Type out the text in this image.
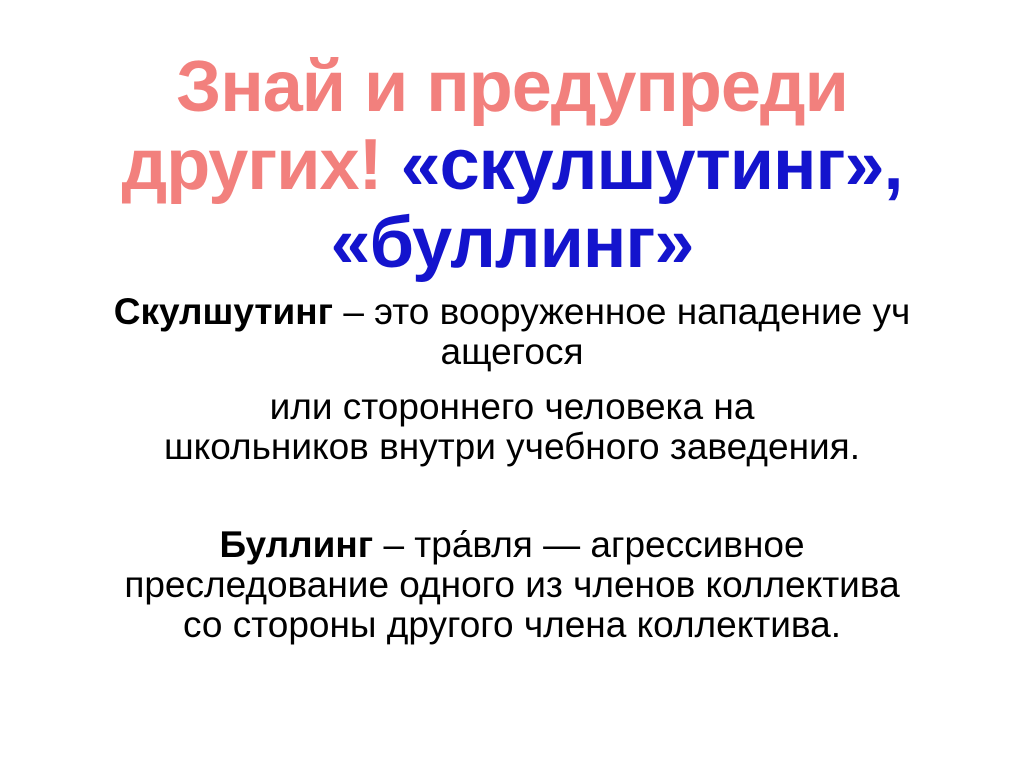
Знай и предупреди
других! «скулшутинг»,
«буллинг»
Скулшутинг – это вооруженное нападение уч
ащегося
или стороннего человека на
школьников внутри учебного заведения.
Буллинг – тра́вля — агрессивное
преследование одного из членов коллектива
со стороны другого члена коллектива.
